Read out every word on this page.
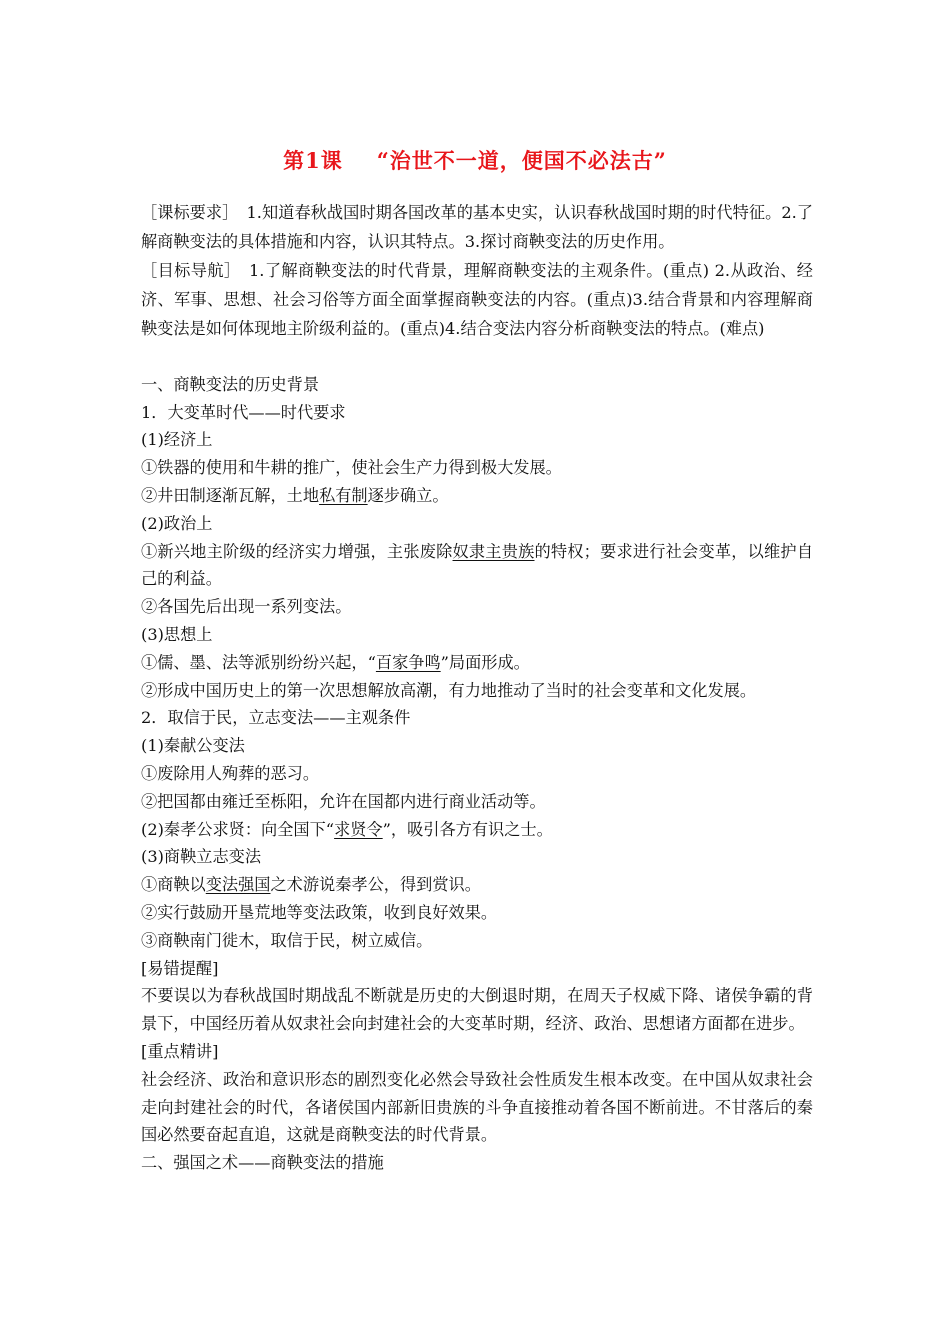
第1课 “治世不一道，便国不必法古”

［课标要求］　1.知道春秋战国时期各国改革的基本史实，认识春秋战国时期的时代特征。2.了解商鞅变法的具体措施和内容，认识其特点。3.探讨商鞅变法的历史作用。

［目标导航］　1.了解商鞅变法的时代背景，理解商鞅变法的主观条件。(重点) 2.从政治、经济、军事、思想、社会习俗等方面全面掌握商鞅变法的内容。(重点)3.结合背景和内容理解商鞅变法是如何体现地主阶级利益的。(重点)4.结合变法内容分析商鞅变法的特点。(难点)

一、商鞅变法的历史背景

1．大变革时代——时代要求

(1)经济上

①铁器的使用和牛耕的推广，使社会生产力得到极大发展。

②井田制逐渐瓦解，土地私有制逐步确立。

(2)政治上

①新兴地主阶级的经济实力增强，主张废除奴隶主贵族的特权；要求进行社会变革，以维护自己的利益。

②各国先后出现一系列变法。

(3)思想上

①儒、墨、法等派别纷纷兴起，“百家争鸣”局面形成。

②形成中国历史上的第一次思想解放高潮，有力地推动了当时的社会变革和文化发展。

2．取信于民，立志变法——主观条件

(1)秦献公变法

①废除用人殉葬的恶习。

②把国都由雍迁至栎阳，允许在国都内进行商业活动等。

(2)秦孝公求贤：向全国下“求贤令”，吸引各方有识之士。

(3)商鞅立志变法

①商鞅以变法强国之术游说秦孝公，得到赏识。

②实行鼓励开垦荒地等变法政策，收到良好效果。

③商鞅南门徙木，取信于民，树立威信。

[易错提醒]

不要误以为春秋战国时期战乱不断就是历史的大倒退时期，在周天子权威下降、诸侯争霸的背景下，中国经历着从奴隶社会向封建社会的大变革时期，经济、政治、思想诸方面都在进步。

[重点精讲]

社会经济、政治和意识形态的剧烈变化必然会导致社会性质发生根本改变。在中国从奴隶社会走向封建社会的时代，各诸侯国内部新旧贵族的斗争直接推动着各国不断前进。不甘落后的秦国必然要奋起直追，这就是商鞅变法的时代背景。

二、强国之术——商鞅变法的措施
